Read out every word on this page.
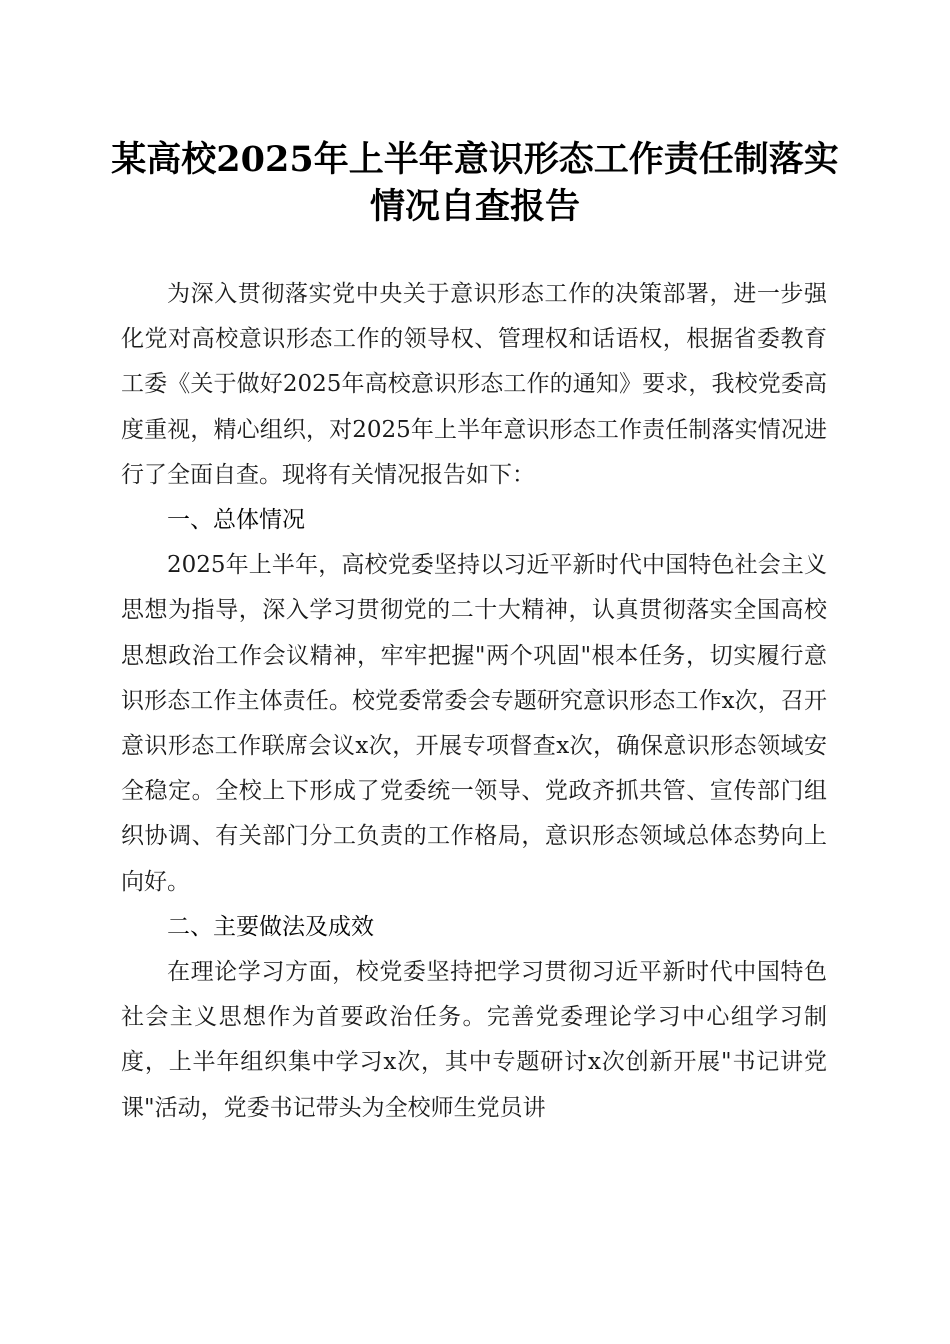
某高校2025年上半年意识形态工作责任制落实情况自查报告

为深入贯彻落实党中央关于意识形态工作的决策部署，进一步强化党对高校意识形态工作的领导权、管理权和话语权，根据省委教育工委《关于做好2025年高校意识形态工作的通知》要求，我校党委高度重视，精心组织，对2025年上半年意识形态工作责任制落实情况进行了全面自查。现将有关情况报告如下：

一、总体情况

2025年上半年，高校党委坚持以习近平新时代中国特色社会主义思想为指导，深入学习贯彻党的二十大精神，认真贯彻落实全国高校思想政治工作会议精神，牢牢把握"两个巩固"根本任务，切实履行意识形态工作主体责任。校党委常委会专题研究意识形态工作x次，召开意识形态工作联席会议x次，开展专项督查x次，确保意识形态领域安全稳定。全校上下形成了党委统一领导、党政齐抓共管、宣传部门组织协调、有关部门分工负责的工作格局，意识形态领域总体态势向上向好。

二、主要做法及成效

在理论学习方面，校党委坚持把学习贯彻习近平新时代中国特色社会主义思想作为首要政治任务。完善党委理论学习中心组学习制度，上半年组织集中学习x次，其中专题研讨x次创新开展"书记讲党课"活动，党委书记带头为全校师生党员讲
